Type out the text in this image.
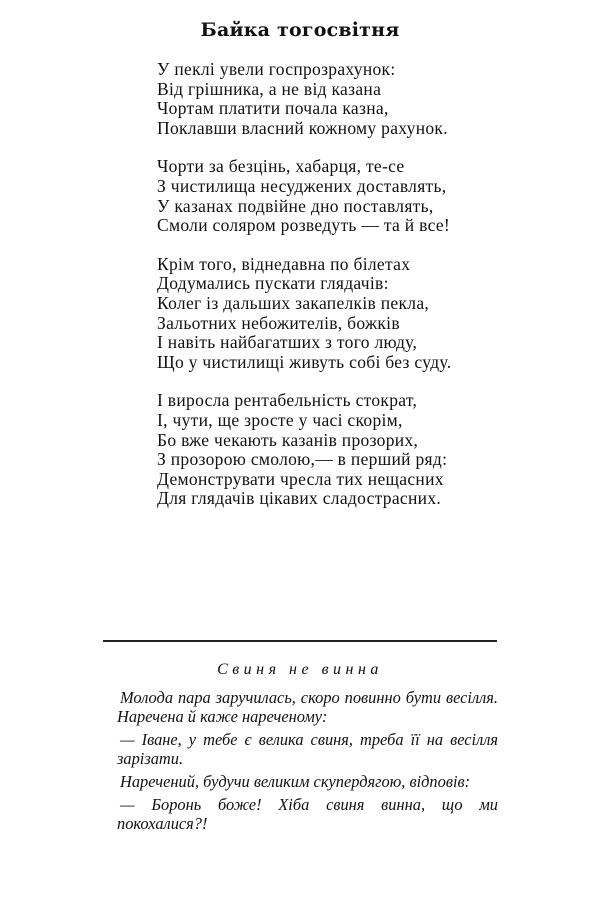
Байка тогосвітня
У пеклі увели госпрозрахунок:
Від грішника, а не від казана
Чортам платити почала казна,
Поклавши власний кожному рахунок.
Чорти за безцінь, хабарця, те-се
З чистилища несуджених доставлять,
У казанах подвійне дно поставлять,
Смоли соляром розведуть — та й все!
Крім того, віднедавна по білетах
Додумались пускати глядачів:
Колег із дальших закапелків пекла,
Зальотних небожителів, божків
І навіть найбагатших з того люду,
Що у чистилищі живуть собі без суду.
І виросла рентабельність стократ,
І, чути, ще зросте у часі скорім,
Бо вже чекають казанів прозорих,
З прозорою смолою,— в перший ряд:
Демонструвати чресла тих нещасних
Для глядачів цікавих сладострасних.
Свиня не винна

Молода пара заручилась, скоро повинно бути весілля. Наречена й каже нареченому:

— Іване, у тебе є велика свиня, треба її на весілля зарізати.

Наречений, будучи великим скупердягою, відповів:

— Боронь боже! Хіба свиня винна, що ми покохалися?!
